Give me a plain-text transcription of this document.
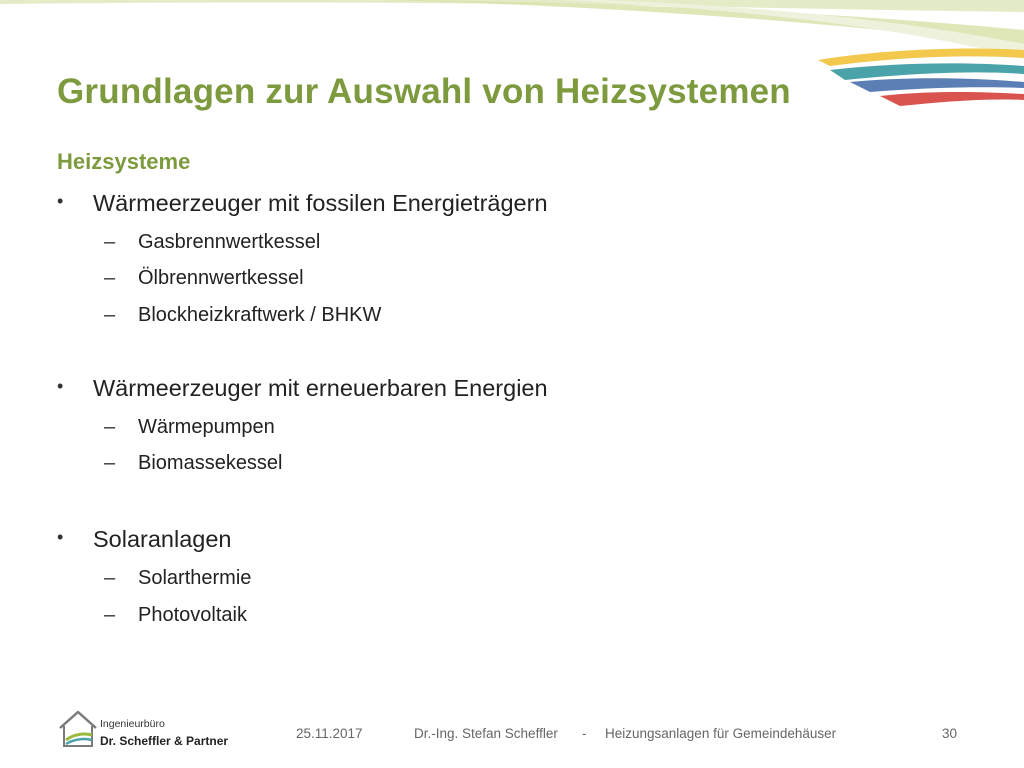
Grundlagen zur Auswahl von Heizsystemen
Heizsysteme
• Wärmeerzeuger mit fossilen Energieträgern
– Gasbrennwertkessel
– Ölbrennwertkessel
– Blockheizkraftwerk / BHKW
• Wärmeerzeuger mit erneuerbaren Energien
– Wärmepumpen
– Biomassekessel
• Solaranlagen
– Solarthermie
– Photovoltaik
Ingenieurbüro
Dr. Scheffler & Partner	25.11.2017	Dr.-Ing. Stefan Scheffler - Heizungsanlagen für Gemeindehäuser	30
